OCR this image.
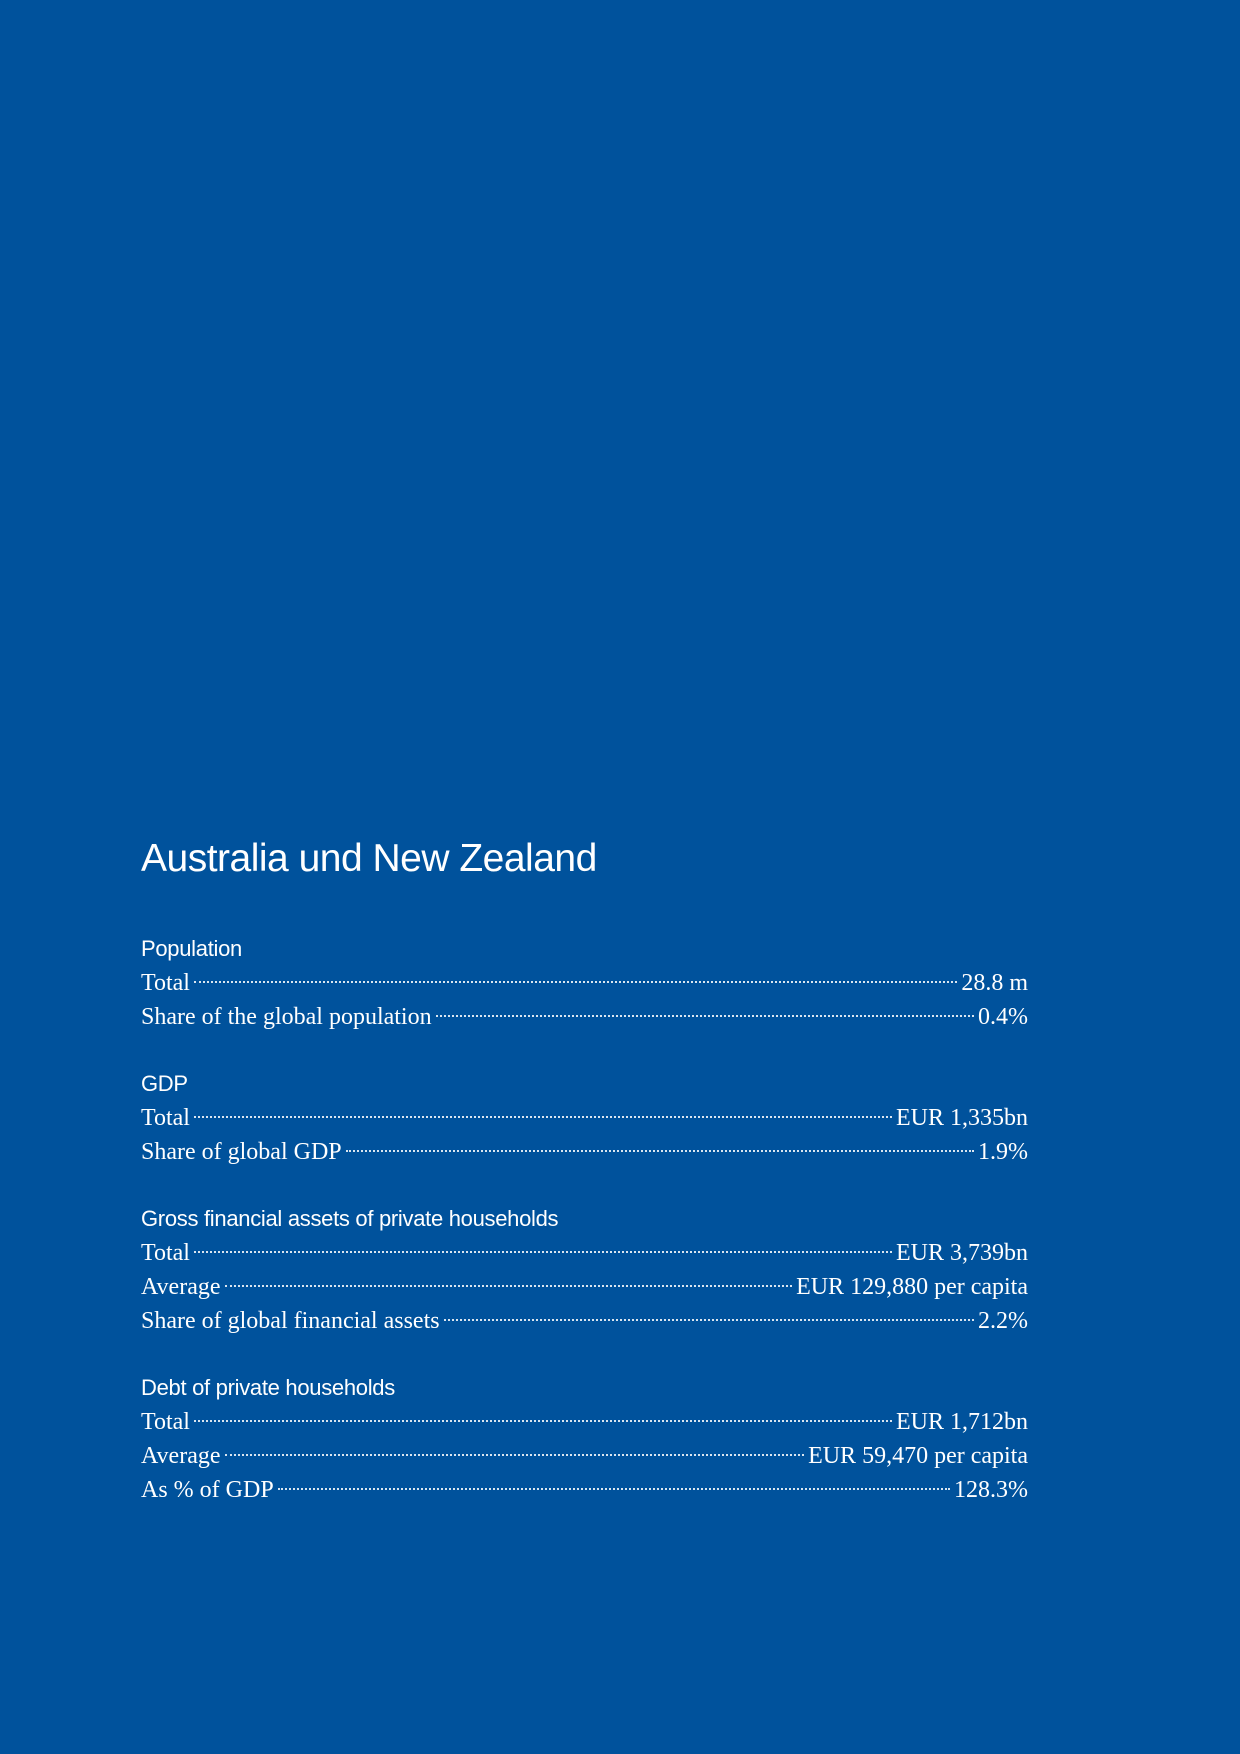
Australia und New Zealand
Population
Total	28.8 m
Share of the global population	0.4%
GDP
Total	EUR 1,335bn
Share of global GDP	1.9%
Gross financial assets of private households
Total	EUR 3,739bn
Average	EUR 129,880 per capita
Share of global financial assets	2.2%
Debt of private households
Total	EUR 1,712bn
Average	EUR 59,470 per capita
As % of GDP	128.3%
